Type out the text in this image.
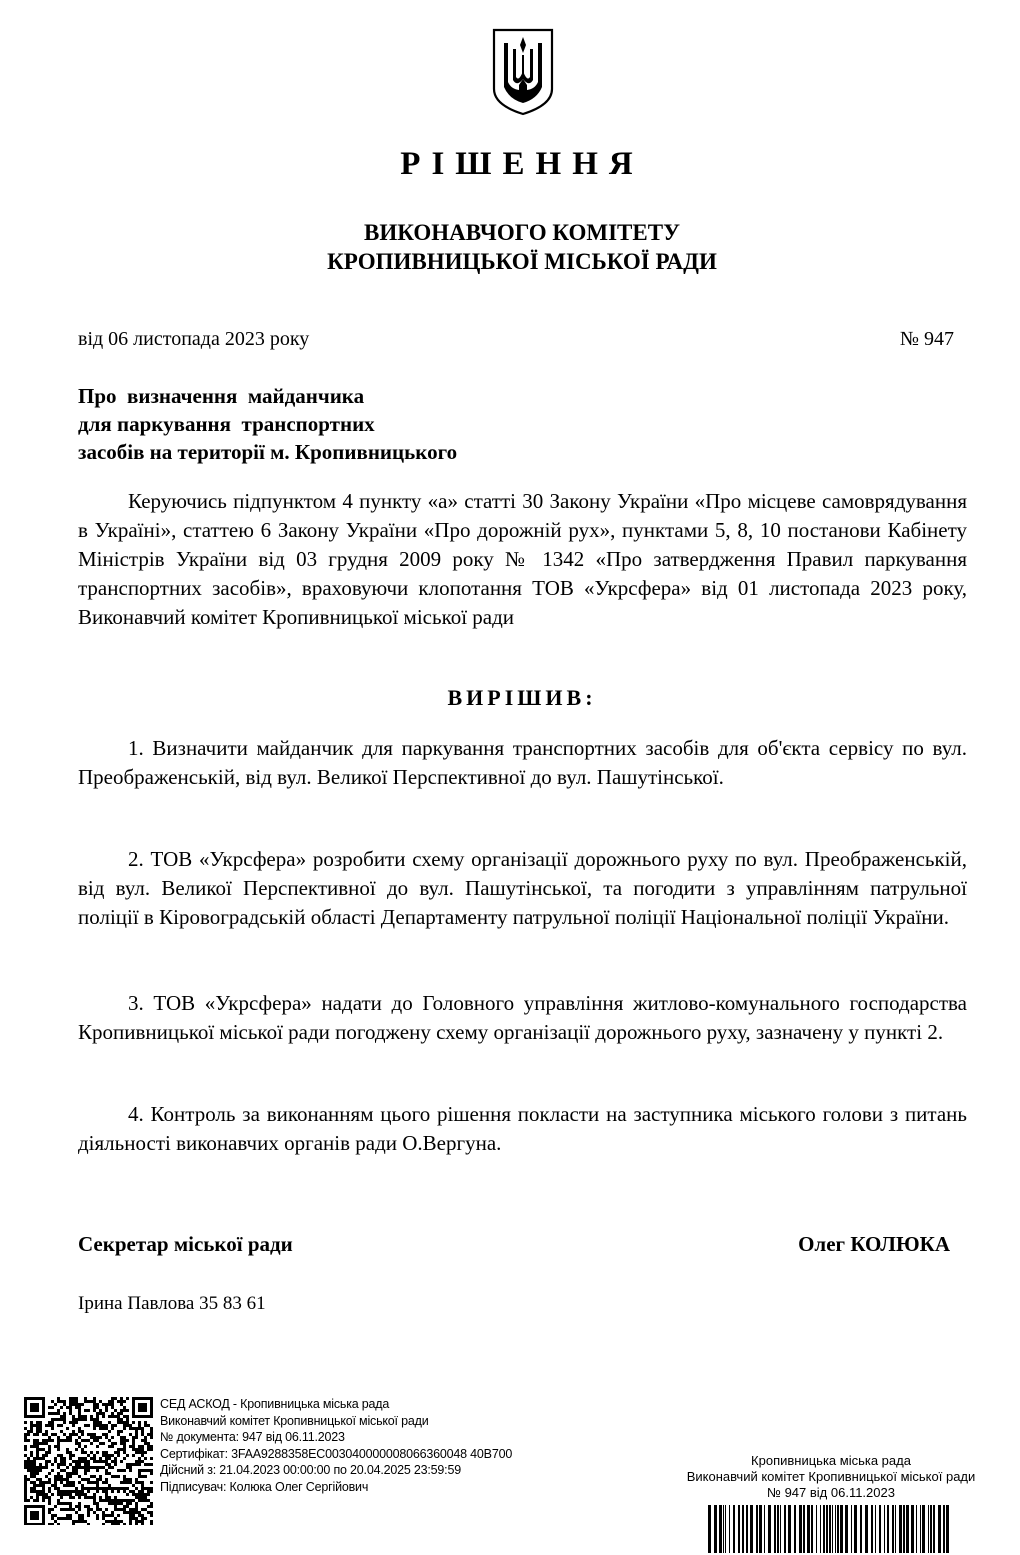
РІШЕННЯ
ВИКОНАВЧОГО КОМІТЕТУ
КРОПИВНИЦЬКОЇ МІСЬКОЇ РАДИ
від 06 листопада 2023 року	№ 947
Про  визначення  майданчика
для паркування  транспортних
засобів на території м. Кропивницького
Керуючись підпунктом 4 пункту «а» статті 30 Закону України «Про місцеве самоврядування в Україні», статтею 6 Закону України «Про дорожній рух», пунктами 5, 8, 10 постанови Кабінету Міністрів України від 03 грудня 2009 року № 1342 «Про затвердження Правил паркування транспортних засобів», враховуючи клопотання ТОВ «Укрсфера» від 01 листопада 2023 року, Виконавчий комітет Кропивницької міської ради
ВИРІШИВ:
1. Визначити майданчик для паркування транспортних засобів для об'єкта сервісу по вул. Преображенській, від вул. Великої Перспективної до вул. Пашутінської.
2. ТОВ «Укрсфера» розробити схему організації дорожнього руху по вул. Преображенській, від вул. Великої Перспективної до вул. Пашутінської, та погодити з управлінням патрульної поліції в Кіровоградській області Департаменту патрульної поліції Національної поліції України.
3. ТОВ «Укрсфера» надати до Головного управління житлово-комунального господарства Кропивницької міської ради погоджену схему організації дорожнього руху, зазначену у пункті 2.
4. Контроль за виконанням цього рішення покласти на заступника міського голови з питань діяльності виконавчих органів ради О.Вергуна.
Секретар міської ради	Олег КОЛЮКА
Ірина Павлова 35 83 61
СЕД АСКОД - Кропивницька міська рада
Виконавчий комітет Кропивницької міської ради
№ документа: 947 від 06.11.2023
Сертифікат: 3FAA9288358EC003040000008066360048 40B700
Дійсний з: 21.04.2023 00:00:00 по 20.04.2025 23:59:59
Підписувач: Колюка Олег Сергійович
Кропивницька міська рада
Виконавчий комітет Кропивницької міської ради
№ 947 від 06.11.2023
